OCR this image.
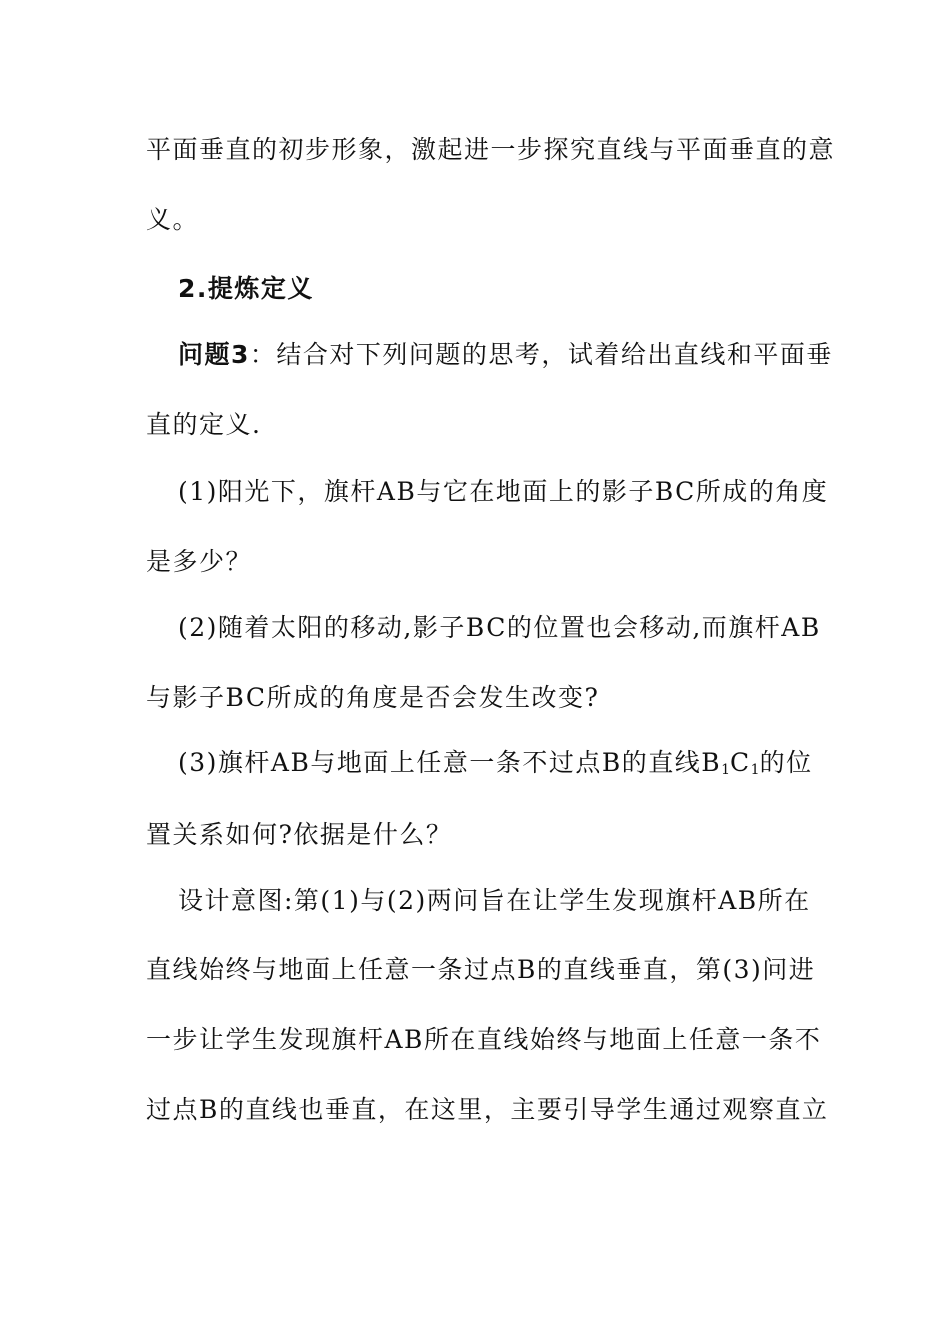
平面垂直的初步形象，激起进一步探究直线与平面垂直的意
义。
2.提炼定义
问题3：结合对下列问题的思考，试着给出直线和平面垂
直的定义.
(1)阳光下，旗杆AB与它在地面上的影子BC所成的角度
是多少？
(2)随着太阳的移动,影子BC的位置也会移动,而旗杆AB
与影子BC所成的角度是否会发生改变?
(3)旗杆AB与地面上任意一条不过点B的直线$B_1C_1$的位
置关系如何?依据是什么？
设计意图:第(1)与(2)两问旨在让学生发现旗杆AB所在
直线始终与地面上任意一条过点B的直线垂直，第(3)问进
一步让学生发现旗杆AB所在直线始终与地面上任意一条不
过点B的直线也垂直，在这里，主要引导学生通过观察直立
